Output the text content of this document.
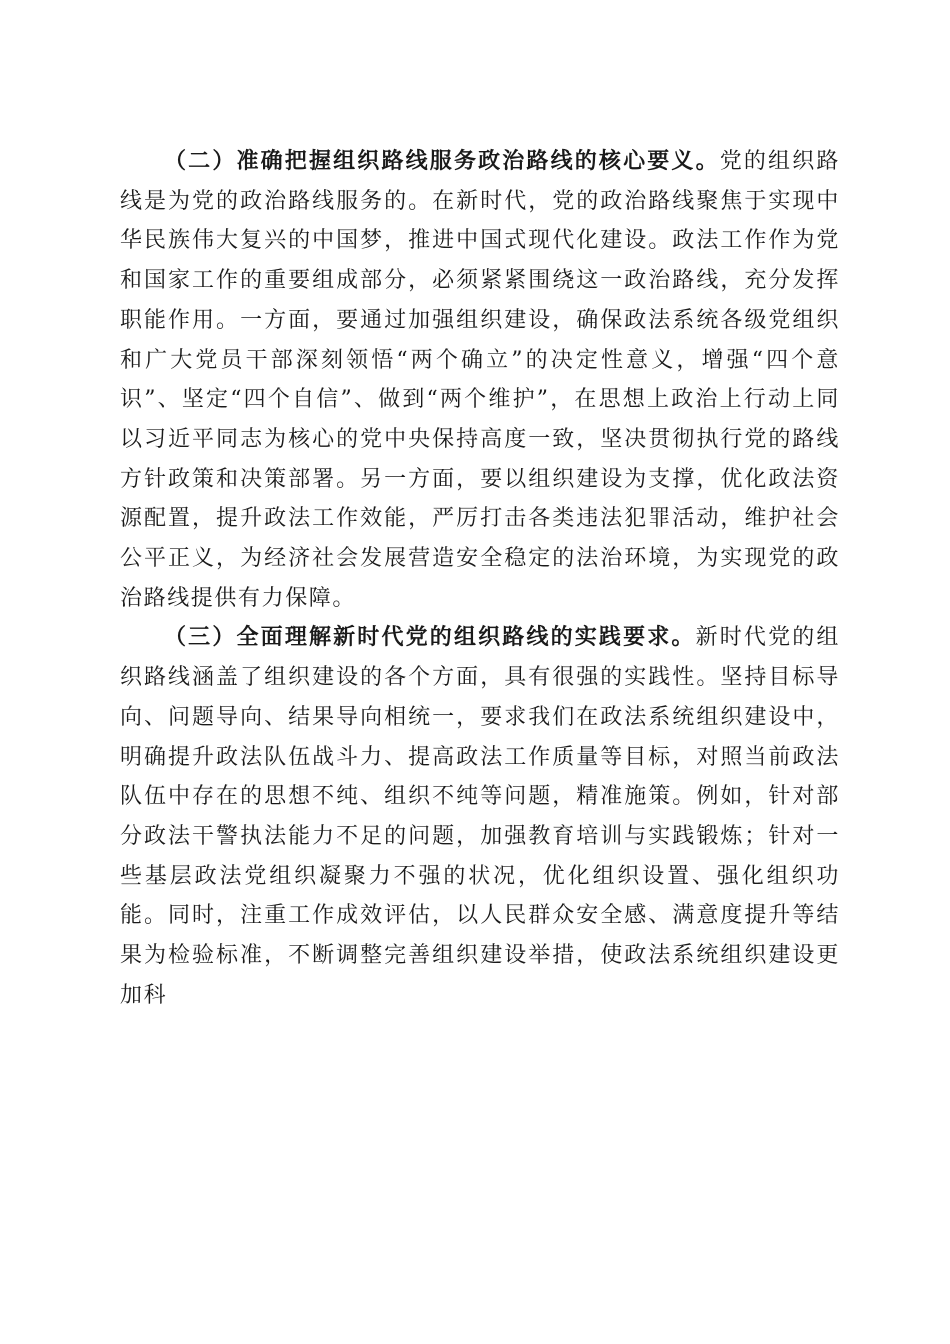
（二）准确把握组织路线服务政治路线的核心要义。党的组织路线是为党的政治路线服务的。在新时代，党的政治路线聚焦于实现中华民族伟大复兴的中国梦，推进中国式现代化建设。政法工作作为党和国家工作的重要组成部分，必须紧紧围绕这一政治路线，充分发挥职能作用。一方面，要通过加强组织建设，确保政法系统各级党组织和广大党员干部深刻领悟“两个确立”的决定性意义，增强“四个意识”、坚定“四个自信”、做到“两个维护”，在思想上政治上行动上同以习近平同志为核心的党中央保持高度一致，坚决贯彻执行党的路线方针政策和决策部署。另一方面，要以组织建设为支撑，优化政法资源配置，提升政法工作效能，严厉打击各类违法犯罪活动，维护社会公平正义，为经济社会发展营造安全稳定的法治环境，为实现党的政治路线提供有力保障。

（三）全面理解新时代党的组织路线的实践要求。新时代党的组织路线涵盖了组织建设的各个方面，具有很强的实践性。坚持目标导向、问题导向、结果导向相统一，要求我们在政法系统组织建设中，明确提升政法队伍战斗力、提高政法工作质量等目标，对照当前政法队伍中存在的思想不纯、组织不纯等问题，精准施策。例如，针对部分政法干警执法能力不足的问题，加强教育培训与实践锻炼；针对一些基层政法党组织凝聚力不强的状况，优化组织设置、强化组织功能。同时，注重工作成效评估，以人民群众安全感、满意度提升等结果为检验标准，不断调整完善组织建设举措，使政法系统组织建设更加科
